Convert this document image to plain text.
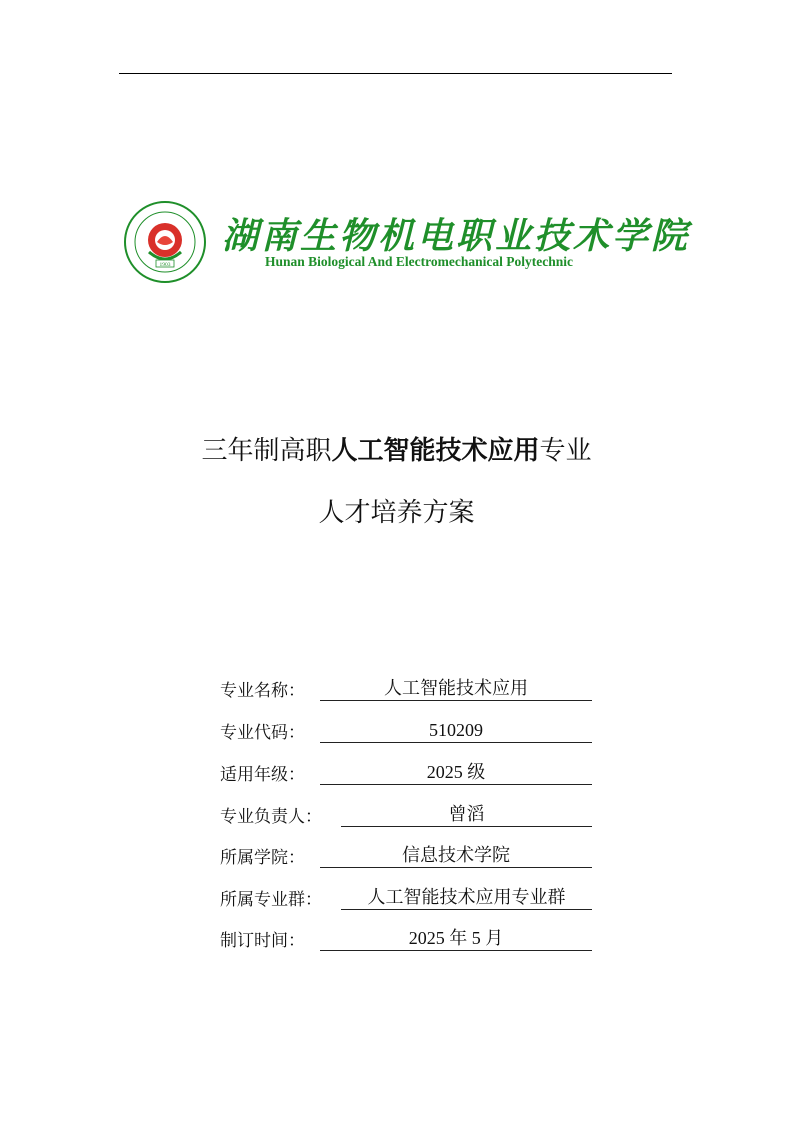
1903
湖南生物机电职业技术学院
Hunan Biological And Electromechanical Polytechnic
三年制高职人工智能技术应用专业
人才培养方案
专业名称：	人工智能技术应用
专业代码：	510209
适用年级：	2025 级
专业负责人：	曾滔
所属学院：	信息技术学院
所属专业群：	人工智能技术应用专业群
制订时间：	2025 年 5 月
